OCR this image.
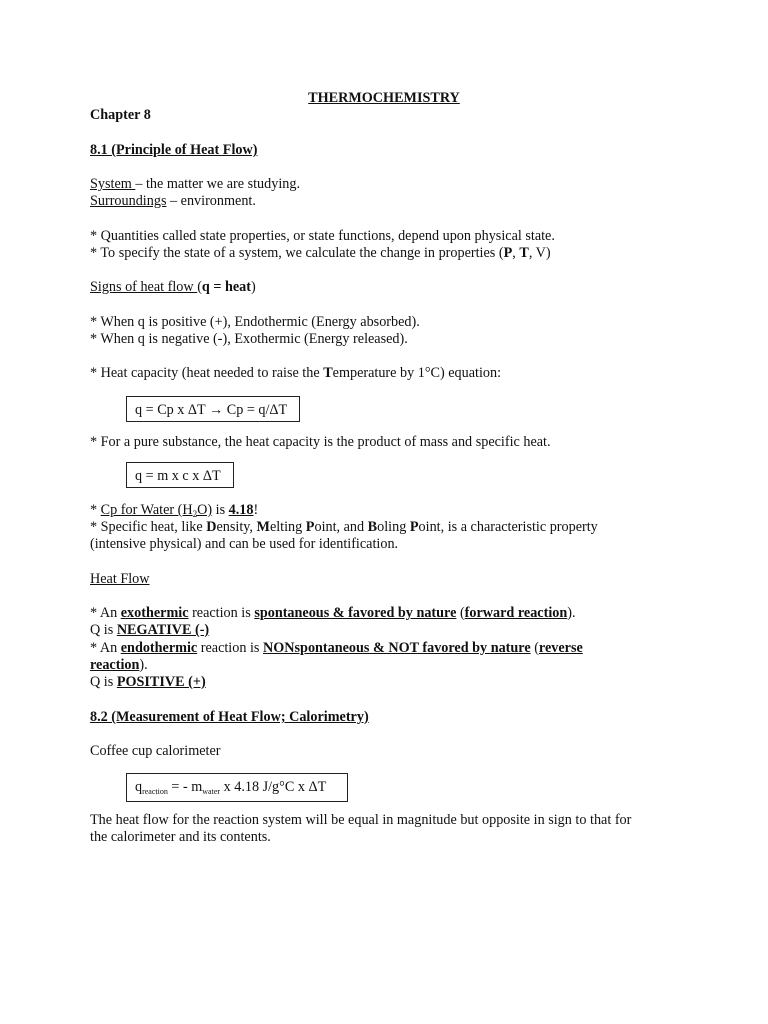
THERMOCHEMISTRY
Chapter 8
8.1 (Principle of Heat Flow)
System – the matter we are studying.
Surroundings – environment.
* Quantities called state properties, or state functions, depend upon physical state.
* To specify the state of a system, we calculate the change in properties (P, T, V)
Signs of heat flow (q = heat)
* When q is positive (+), Endothermic (Energy absorbed).
* When q is negative (-), Exothermic (Energy released).
* Heat capacity (heat needed to raise the Temperature by 1°C) equation:
q = Cp x ΔT → Cp = q/ΔT
* For a pure substance, the heat capacity is the product of mass and specific heat.
q = m x c x ΔT
* Cp for Water $(H_2O)$ is 4.18!
* Specific heat, like Density, Melting Point, and Boling Point, is a characteristic property
(intensive physical) and can be used for identification.
Heat Flow
* An exothermic reaction is spontaneous & favored by nature (forward reaction).
Q is NEGATIVE (-)
* An endothermic reaction is NONspontaneous & NOT favored by nature (reverse
reaction).
Q is POSITIVE (+)
8.2 (Measurement of Heat Flow; Calorimetry)
Coffee cup calorimeter
$q_{reaction}$ = - $m_{water}$ x 4.18 J/g°C x ΔT
The heat flow for the reaction system will be equal in magnitude but opposite in sign to that for
the calorimeter and its contents.
